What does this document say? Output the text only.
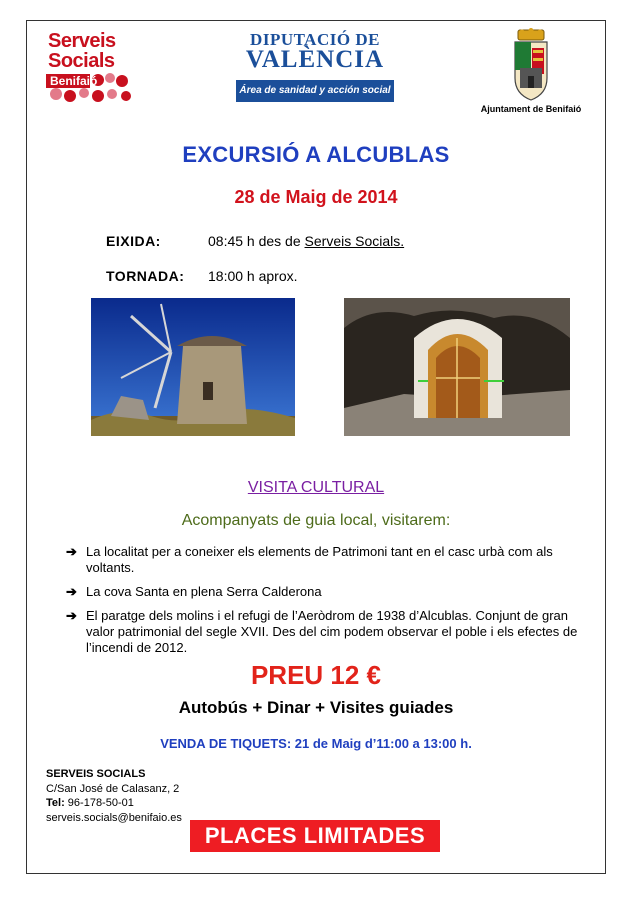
Serveis
Socials
Benifaió
DIPUTACIÓ DE
VALÈNCIA
Área de sanidad y acción social
Ajuntament de Benifaió
EXCURSIÓ A ALCUBLAS
28 de Maig de 2014
EIXIDA:	08:45 h des de Serveis Socials.
TORNADA: 18:00 h aprox.
VISITA CULTURAL
Acompanyats de guia local, visitarem:
➔ La localitat per a coneixer els elements de Patrimoni tant en el casc urbà com als voltants.
➔ La cova Santa en plena Serra Calderona
➔ El paratge dels molins i el refugi de l’Aeròdrom de 1938 d’Alcublas. Conjunt de gran valor patrimonial del segle XVII. Des del cim podem observar el poble i els efectes de l’incendi de 2012.
PREU 12 €
Autobús + Dinar + Visites guiades
VENDA DE TIQUETS: 21 de Maig d’11:00 a 13:00 h.
SERVEIS SOCIALS
C/San José de Calasanz, 2
Tel: 96-178-50-01
serveis.socials@benifaio.es
PLACES LIMITADES
